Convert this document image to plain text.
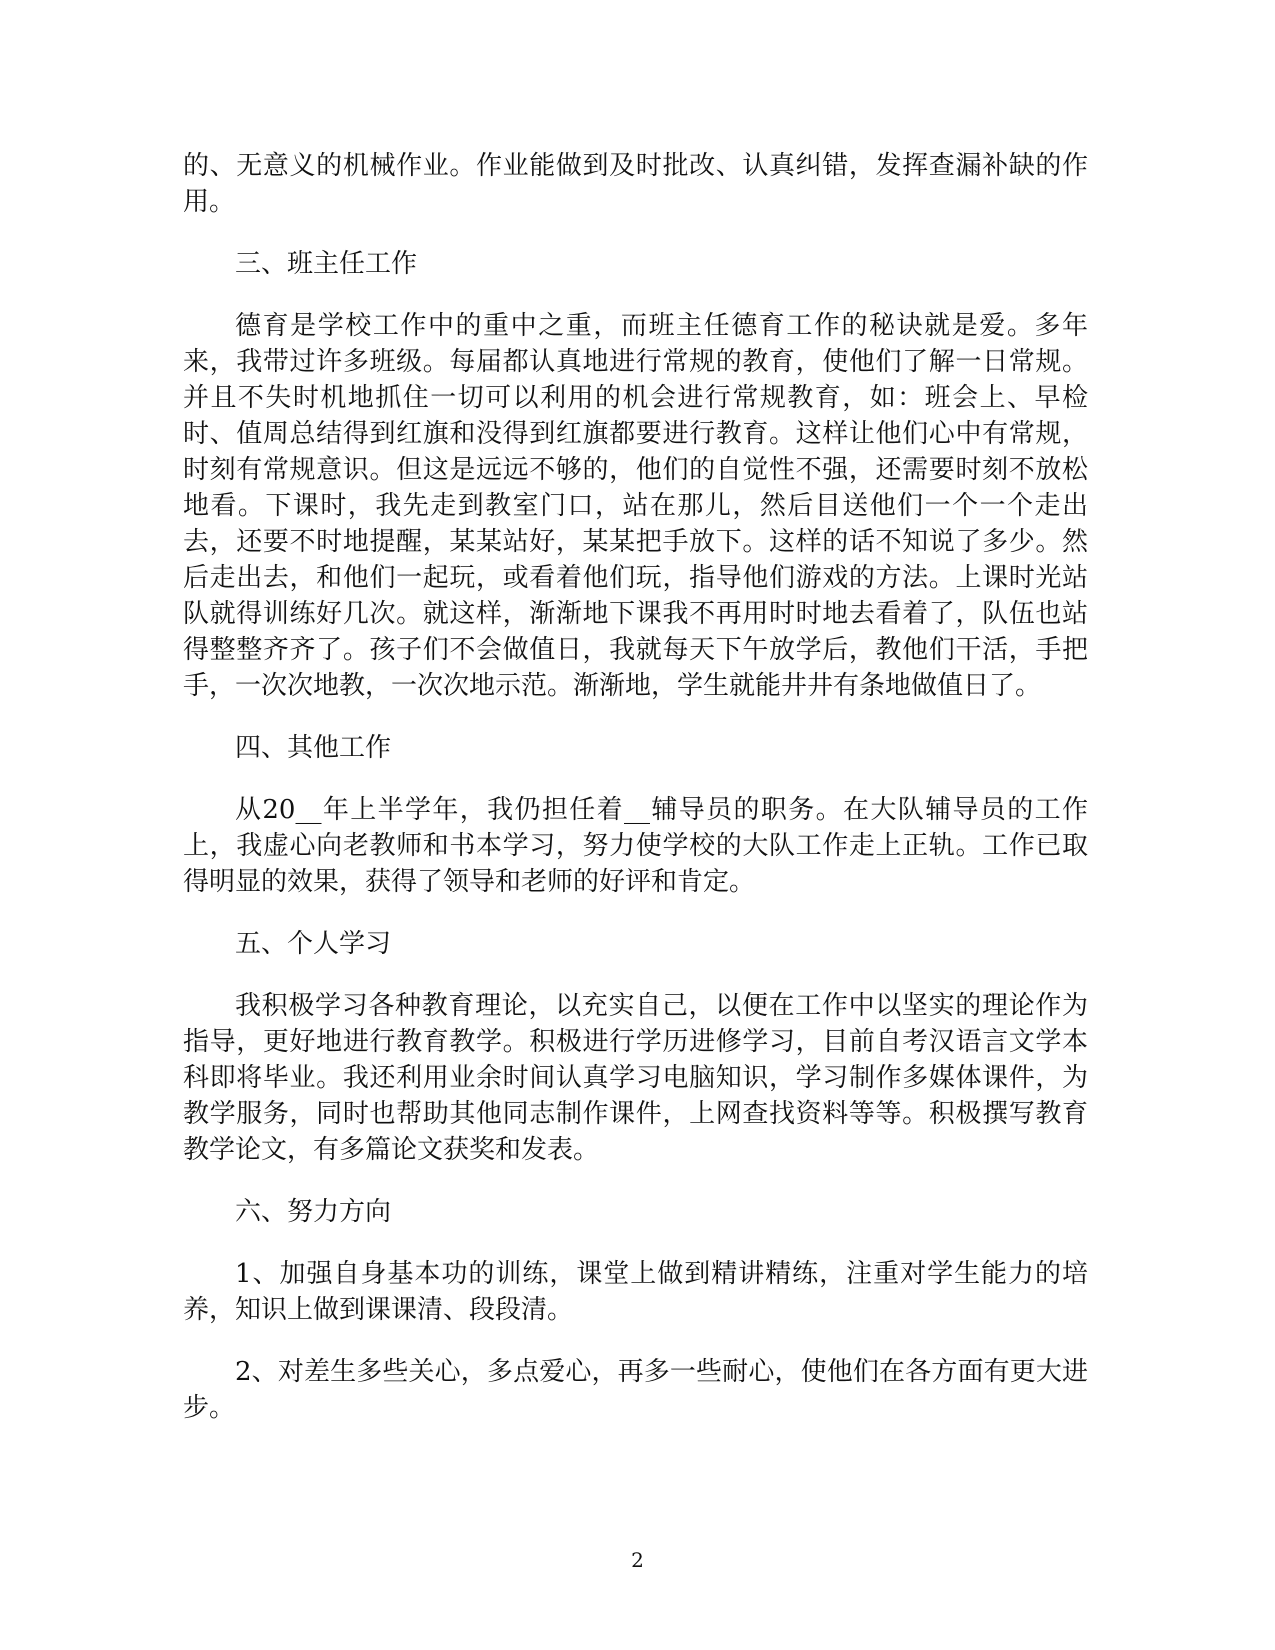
的、无意义的机械作业。作业能做到及时批改、认真纠错，发挥查漏补缺的作用。

三、班主任工作

德育是学校工作中的重中之重，而班主任德育工作的秘诀就是爱。多年来，我带过许多班级。每届都认真地进行常规的教育，使他们了解一日常规。并且不失时机地抓住一切可以利用的机会进行常规教育，如：班会上、早检时、值周总结得到红旗和没得到红旗都要进行教育。这样让他们心中有常规，时刻有常规意识。但这是远远不够的，他们的自觉性不强，还需要时刻不放松地看。下课时，我先走到教室门口，站在那儿，然后目送他们一个一个走出去，还要不时地提醒，某某站好，某某把手放下。这样的话不知说了多少。然后走出去，和他们一起玩，或看着他们玩，指导他们游戏的方法。上课时光站队就得训练好几次。就这样，渐渐地下课我不再用时时地去看着了，队伍也站得整整齐齐了。孩子们不会做值日，我就每天下午放学后，教他们干活，手把手，一次次地教，一次次地示范。渐渐地，学生就能井井有条地做值日了。

四、其他工作

从20__年上半学年，我仍担任着__辅导员的职务。在大队辅导员的工作上，我虚心向老教师和书本学习，努力使学校的大队工作走上正轨。工作已取得明显的效果，获得了领导和老师的好评和肯定。

五、个人学习

我积极学习各种教育理论，以充实自己，以便在工作中以坚实的理论作为指导，更好地进行教育教学。积极进行学历进修学习，目前自考汉语言文学本科即将毕业。我还利用业余时间认真学习电脑知识，学习制作多媒体课件，为教学服务，同时也帮助其他同志制作课件，上网查找资料等等。积极撰写教育教学论文，有多篇论文获奖和发表。

六、努力方向

1、加强自身基本功的训练，课堂上做到精讲精练，注重对学生能力的培养，知识上做到课课清、段段清。

2、对差生多些关心，多点爱心，再多一些耐心，使他们在各方面有更大进步。

2
